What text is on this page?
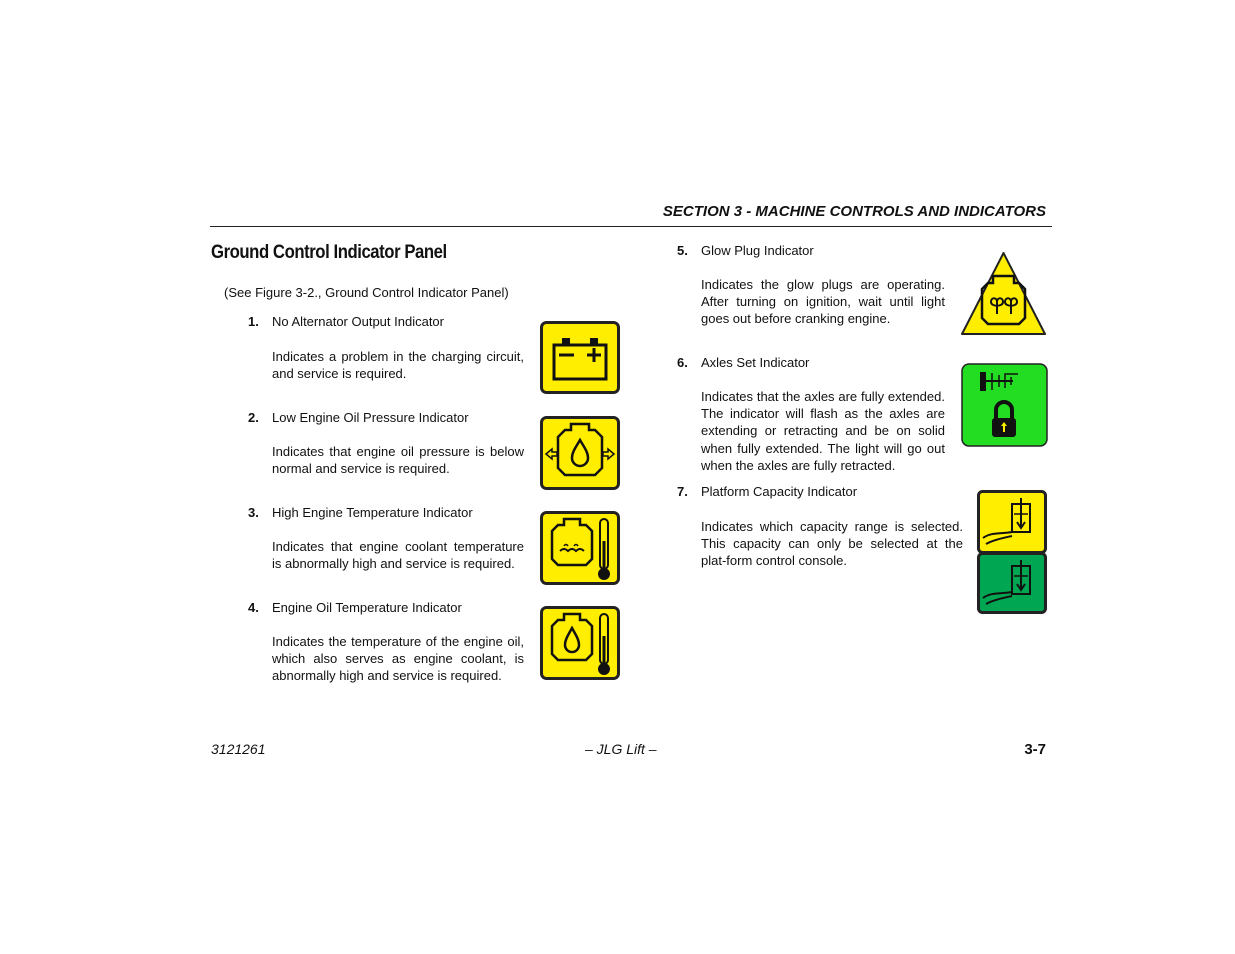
SECTION 3 - MACHINE CONTROLS AND INDICATORS
Ground Control Indicator Panel
(See Figure 3-2., Ground Control Indicator Panel)
1. No Alternator Output Indicator
Indicates a problem in the charging circuit, and service is required.
2. Low Engine Oil Pressure Indicator
Indicates that engine oil pressure is below normal and service is required.
3. High Engine Temperature Indicator
Indicates that engine coolant temperature is abnormally high and service is required.
4. Engine Oil Temperature Indicator
Indicates the temperature of the engine oil, which also serves as engine coolant, is abnormally high and service is required.
5. Glow Plug Indicator
Indicates the glow plugs are operating. After turning on ignition, wait until light goes out before cranking engine.
6. Axles Set Indicator
Indicates that the axles are fully extended. The indicator will flash as the axles are extending or retracting and be on solid when fully extended. The light will go out when the axles are fully retracted.
7. Platform Capacity Indicator
Indicates which capacity range is selected. This capacity can only be selected at the plat-form control console.
3121261	– JLG Lift –	3-7
